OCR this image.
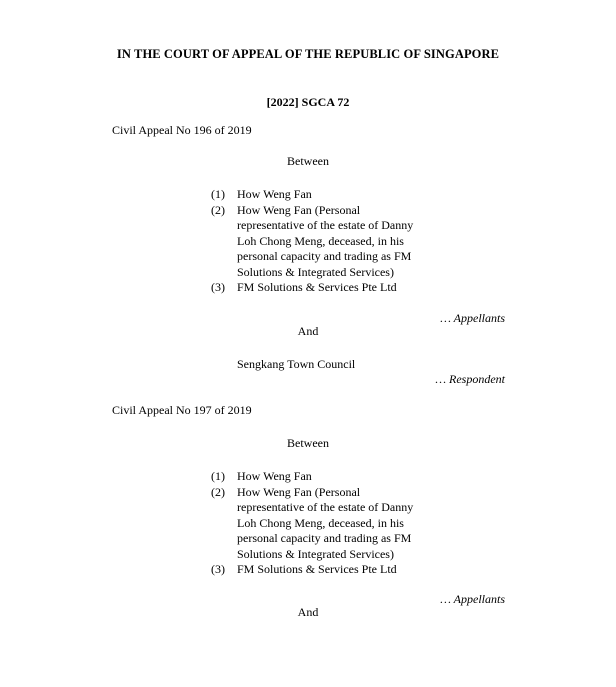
IN THE COURT OF APPEAL OF THE REPUBLIC OF SINGAPORE
[2022] SGCA 72
Civil Appeal No 196 of 2019
Between
(1)	How Weng Fan
(2)	How Weng Fan (Personal representative of the estate of Danny Loh Chong Meng, deceased, in his personal capacity and trading as FM Solutions & Integrated Services)
(3)	FM Solutions & Services Pte Ltd
… Appellants
And
Sengkang Town Council
… Respondent
Civil Appeal No 197 of 2019
Between
(1)	How Weng Fan
(2)	How Weng Fan (Personal representative of the estate of Danny Loh Chong Meng, deceased, in his personal capacity and trading as FM Solutions & Integrated Services)
(3)	FM Solutions & Services Pte Ltd
… Appellants
And
